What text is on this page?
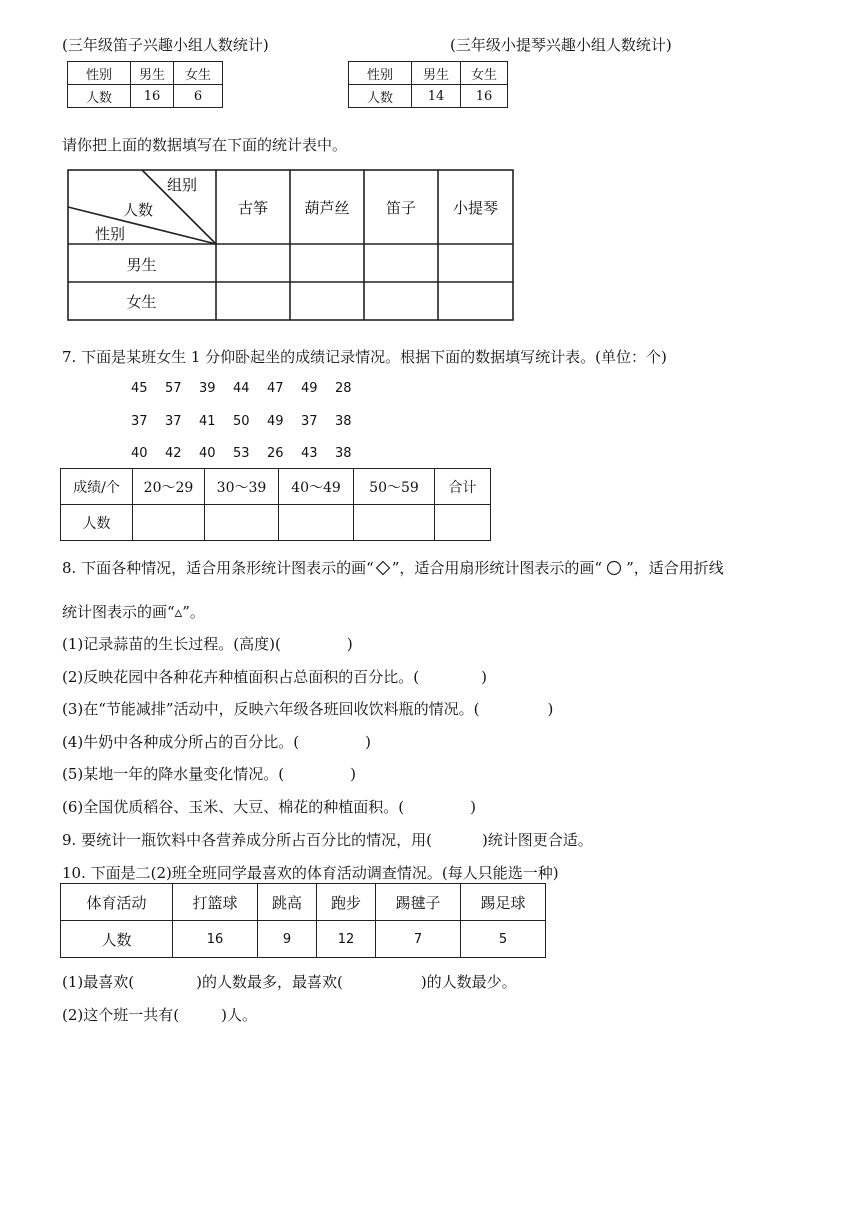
(三年级笛子兴趣小组人数统计)	(三年级小提琴兴趣小组人数统计)
性别	男生	女生
人数	16	6
性别	男生	女生
人数	14	16
请你把上面的数据填写在下面的统计表中。
组别
人数
性别
古筝	葫芦丝	笛子	小提琴
男生
女生
7. 下面是某班女生 1 分仰卧起坐的成绩记录情况。根据下面的数据填写统计表。(单位：个)
45 57 39 44 47 49 28
37 37 41 50 49 37 38
40 42 40 53 26 43 38
成绩/个	20～29	30～39	40～49	50～59	合计
人数					
8. 下面各种情况，适合用条形统计图表示的画“ ”，适合用扇形统计图表示的画“ ”，适合用折线
统计图表示的画“▵”。
(1)记录蒜苗的生长过程。(高度)(	)
(2)反映花园中各种花卉种植面积占总面积的百分比。(	)
(3)在“节能减排”活动中，反映六年级各班回收饮料瓶的情况。(	)
(4)牛奶中各种成分所占的百分比。(	)
(5)某地一年的降水量变化情况。(	)
(6)全国优质稻谷、玉米、大豆、棉花的种植面积。(	)
9. 要统计一瓶饮料中各营养成分所占百分比的情况，用(	)统计图更合适。
10. 下面是二(2)班全班同学最喜欢的体育活动调查情况。(每人只能选一种)
体育活动	打篮球	跳高	跑步	踢毽子	踢足球
人数	16	9	12	7	5
(1)最喜欢(	)的人数最多，最喜欢(	)的人数最少。
(2)这个班一共有(	)人。
